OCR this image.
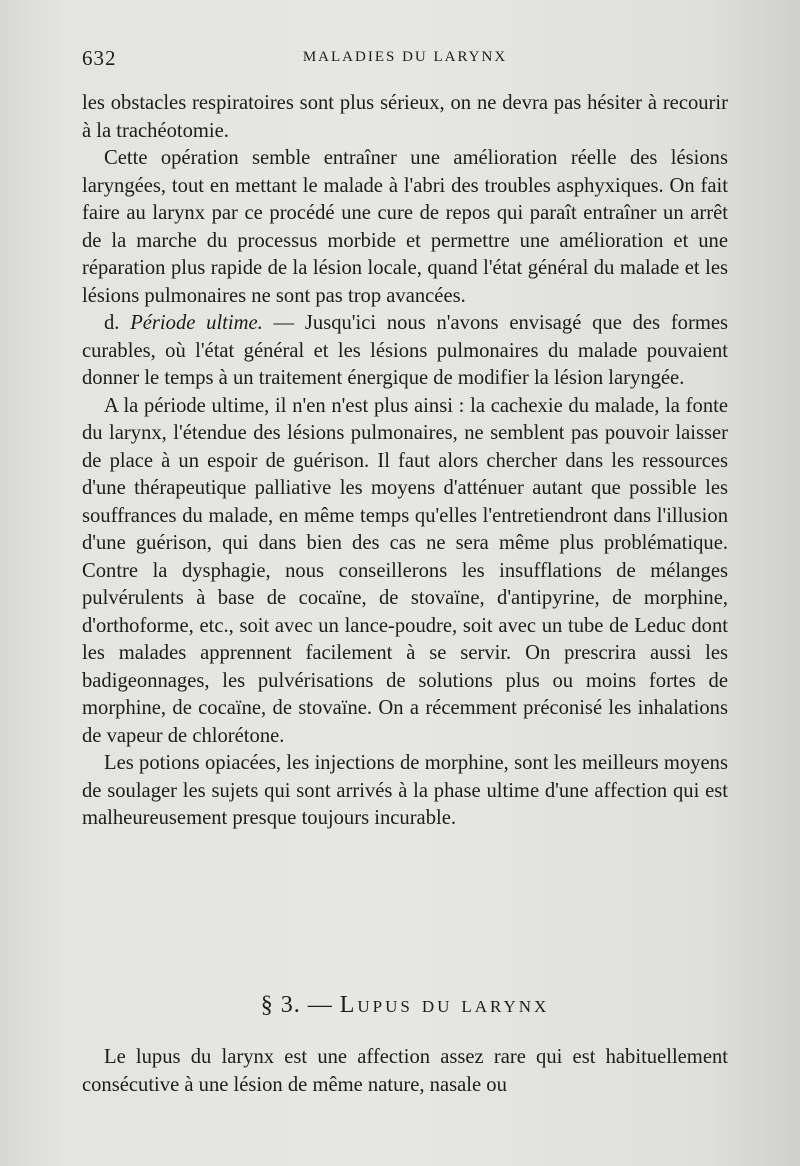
632	MALADIES DU LARYNX

les obstacles respiratoires sont plus sérieux, on ne devra pas hésiter à recourir à la trachéotomie.

Cette opération semble entraîner une amélioration réelle des lésions laryngées, tout en mettant le malade à l'abri des troubles asphyxiques. On fait faire au larynx par ce procédé une cure de repos qui paraît entraîner un arrêt de la marche du processus morbide et permettre une amélioration et une réparation plus rapide de la lésion locale, quand l'état général du malade et les lésions pulmonaires ne sont pas trop avancées.

d. Période ultime. — Jusqu'ici nous n'avons envisagé que des formes curables, où l'état général et les lésions pulmonaires du malade pouvaient donner le temps à un traitement énergique de modifier la lésion laryngée.

A la période ultime, il n'en n'est plus ainsi : la cachexie du malade, la fonte du larynx, l'étendue des lésions pulmonaires, ne semblent pas pouvoir laisser de place à un espoir de guérison. Il faut alors chercher dans les ressources d'une thérapeutique palliative les moyens d'atténuer autant que possible les souffrances du malade, en même temps qu'elles l'entretiendront dans l'illusion d'une guérison, qui dans bien des cas ne sera même plus problématique. Contre la dysphagie, nous conseillerons les insufflations de mélanges pulvérulents à base de cocaïne, de stovaïne, d'antipyrine, de morphine, d'orthoforme, etc., soit avec un lance-poudre, soit avec un tube de Leduc dont les malades apprennent facilement à se servir. On prescrira aussi les badigeonnages, les pulvérisations de solutions plus ou moins fortes de morphine, de cocaïne, de stovaïne. On a récemment préconisé les inhalations de vapeur de chlorétone.

Les potions opiacées, les injections de morphine, sont les meilleurs moyens de soulager les sujets qui sont arrivés à la phase ultime d'une affection qui est malheureusement presque toujours incurable.

§ 3. — Lupus du larynx

Le lupus du larynx est une affection assez rare qui est habituellement consécutive à une lésion de même nature, nasale ou
